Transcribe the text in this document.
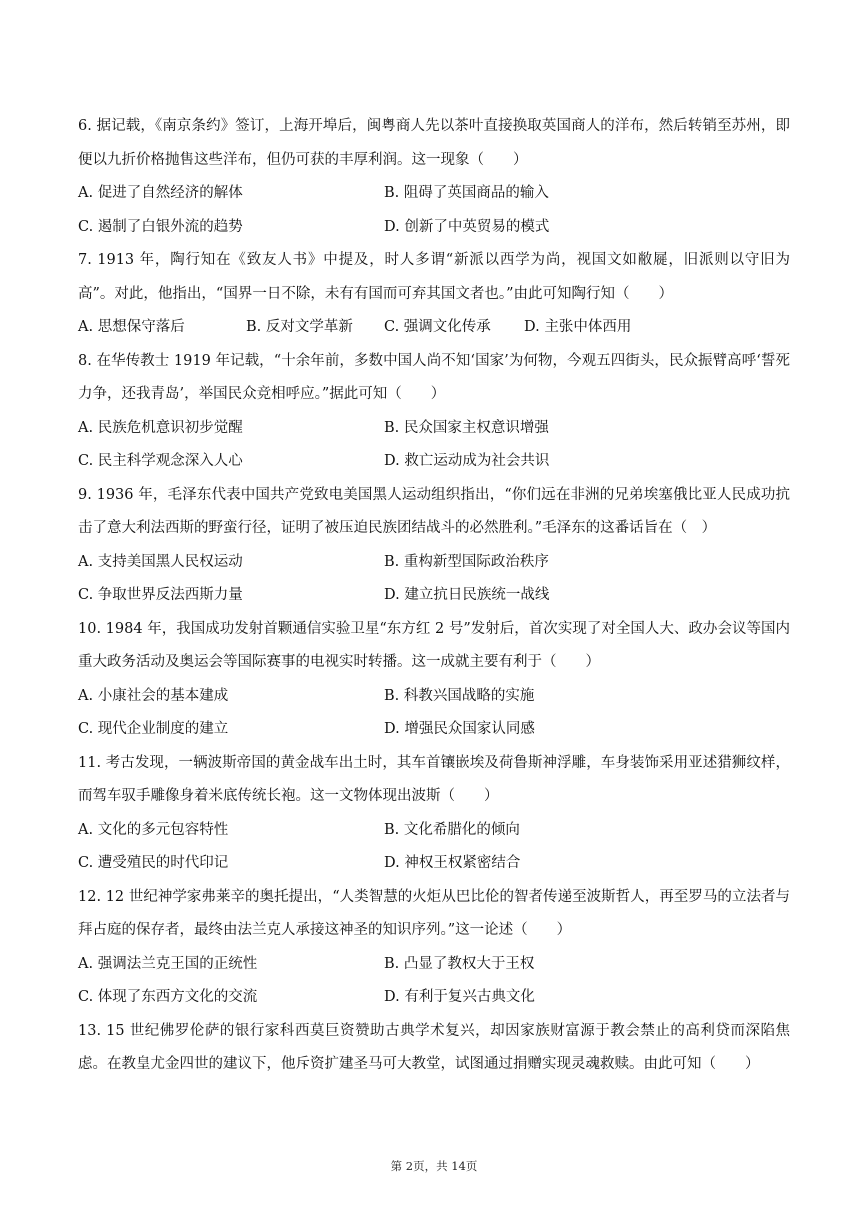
6. 据记载，《南京条约》签订，上海开埠后，闽粤商人先以茶叶直接换取英国商人的洋布，然后转销至苏州，即便以九折价格抛售这些洋布，但仍可获的丰厚利润。这一现象（　　）

A. 促进了自然经济的解体	B. 阻碍了英国商品的输入
C. 遏制了白银外流的趋势	D. 创新了中英贸易的模式

7. 1913 年，陶行知在《致友人书》中提及，时人多谓“新派以西学为尚，视国文如敝屣，旧派则以守旧为高”。对此，他指出，“国界一日不除，未有有国而可弃其国文者也。”由此可知陶行知（　　）

A. 思想保守落后	B. 反对文学革新	C. 强调文化传承	D. 主张中体西用

8. 在华传教士 1919 年记载，“十余年前，多数中国人尚不知‘国家’为何物，今观五四街头，民众振臂高呼‘誓死力争，还我青岛’，举国民众竞相呼应。”据此可知（　　）

A. 民族危机意识初步觉醒	B. 民众国家主权意识增强
C. 民主科学观念深入人心	D. 救亡运动成为社会共识

9. 1936 年，毛泽东代表中国共产党致电美国黑人运动组织指出，“你们远在非洲的兄弟埃塞俄比亚人民成功抗击了意大利法西斯的野蛮行径，证明了被压迫民族团结战斗的必然胜利。”毛泽东的这番话旨在（　）

A. 支持美国黑人民权运动	B. 重构新型国际政治秩序
C. 争取世界反法西斯力量	D. 建立抗日民族统一战线

10. 1984 年，我国成功发射首颗通信实验卫星“东方红 2 号”发射后，首次实现了对全国人大、政办会议等国内重大政务活动及奥运会等国际赛事的电视实时转播。这一成就主要有利于（　　）

A. 小康社会的基本建成	B. 科教兴国战略的实施
C. 现代企业制度的建立	D. 增强民众国家认同感

11. 考古发现，一辆波斯帝国的黄金战车出土时，其车首镶嵌埃及荷鲁斯神浮雕，车身装饰采用亚述猎狮纹样，而驾车驭手雕像身着米底传统长袍。这一文物体现出波斯（　　）

A. 文化的多元包容特性	B. 文化希腊化的倾向
C. 遭受殖民的时代印记	D. 神权王权紧密结合

12. 12 世纪神学家弗莱辛的奥托提出，“人类智慧的火炬从巴比伦的智者传递至波斯哲人，再至罗马的立法者与拜占庭的保存者，最终由法兰克人承接这神圣的知识序列。”这一论述（　　）

A. 强调法兰克王国的正统性	B. 凸显了教权大于王权
C. 体现了东西方文化的交流	D. 有利于复兴古典文化

13. 15 世纪佛罗伦萨的银行家科西莫巨资赞助古典学术复兴，却因家族财富源于教会禁止的高利贷而深陷焦虑。在教皇尤金四世的建议下，他斥资扩建圣马可大教堂，试图通过捐赠实现灵魂救赎。由此可知（　　）

第 2页，共 14页
